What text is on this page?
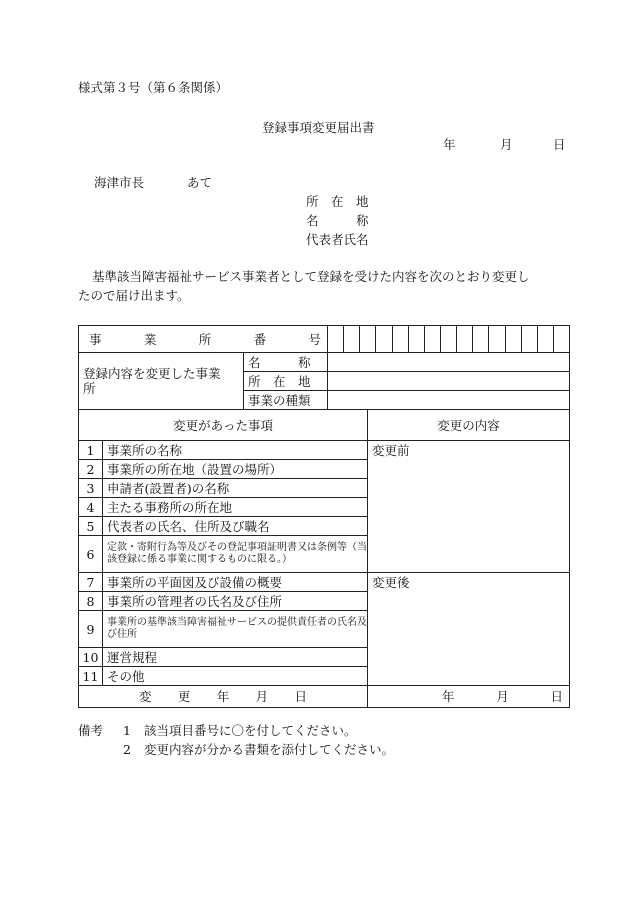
様式第３号（第６条関係）
登録事項変更届出書
年	月	日
海津市長	あて
所　在　地
名　　　称
代表者氏名
基準該当障害福祉サービス事業者として登録を受けた内容を次のとおり変更し
たので届け出ます。
事 業 所 番 号				

登録内容を変更した事業
所		名　　　称		
		所　在　地		
		事業の種類		
変更があった事項				変更の内容
1	事業所の名称			変更前

2	事業所の所在地（設置の場所）			
3	申請者(設置者)の名称			
4	主たる事務所の所在地			
5	代表者の氏名、住所及び職名			
6	定款・寄附行為等及びその登記事項証明書又は条例等（当該登録に係る事業に関するものに限る。）			
7	事業所の平面図及び設備の概要			変更後

8	事業所の管理者の氏名及び住所			
9	事業所の基準該当障害福祉サービスの提供責任者の氏名及び住所			
10	運営規程			
11	その他			

変 更 年 月 日				年 月 日
備考 1 該当項目番号に〇を付してください。
2 変更内容が分かる書類を添付してください。
